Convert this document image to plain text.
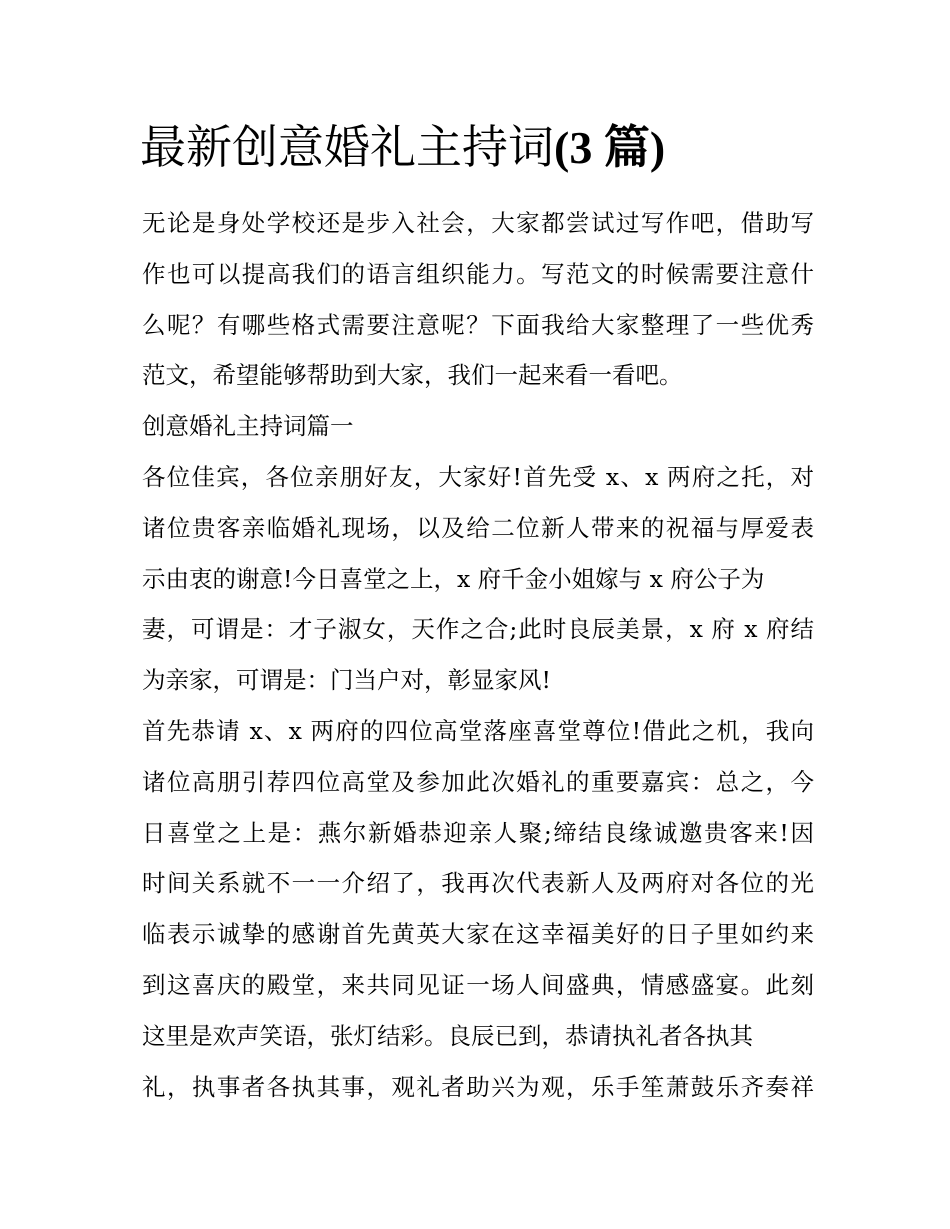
最新创意婚礼主持词(3 篇)
无论是身处学校还是步入社会，大家都尝试过写作吧，借助写
作也可以提高我们的语言组织能力。写范文的时候需要注意什
么呢？有哪些格式需要注意呢？下面我给大家整理了一些优秀
范文，希望能够帮助到大家，我们一起来看一看吧。
创意婚礼主持词篇一
各位佳宾，各位亲朋好友，大家好!首先受 x、x 两府之托，对
诸位贵客亲临婚礼现场，以及给二位新人带来的祝福与厚爱表
示由衷的谢意!今日喜堂之上，x 府千金小姐嫁与 x 府公子为
妻，可谓是：才子淑女，天作之合;此时良辰美景，x 府 x 府结
为亲家，可谓是：门当户对，彰显家风!
首先恭请 x、x 两府的四位高堂落座喜堂尊位!借此之机，我向
诸位高朋引荐四位高堂及参加此次婚礼的重要嘉宾：总之，今
日喜堂之上是：燕尔新婚恭迎亲人聚;缔结良缘诚邀贵客来!因
时间关系就不一一介绍了，我再次代表新人及两府对各位的光
临表示诚挚的感谢首先黄英大家在这幸福美好的日子里如约来
到这喜庆的殿堂，来共同见证一场人间盛典，情感盛宴。此刻
这里是欢声笑语，张灯结彩。良辰已到，恭请执礼者各执其
礼，执事者各执其事，观礼者助兴为观，乐手笙萧鼓乐齐奏祥
